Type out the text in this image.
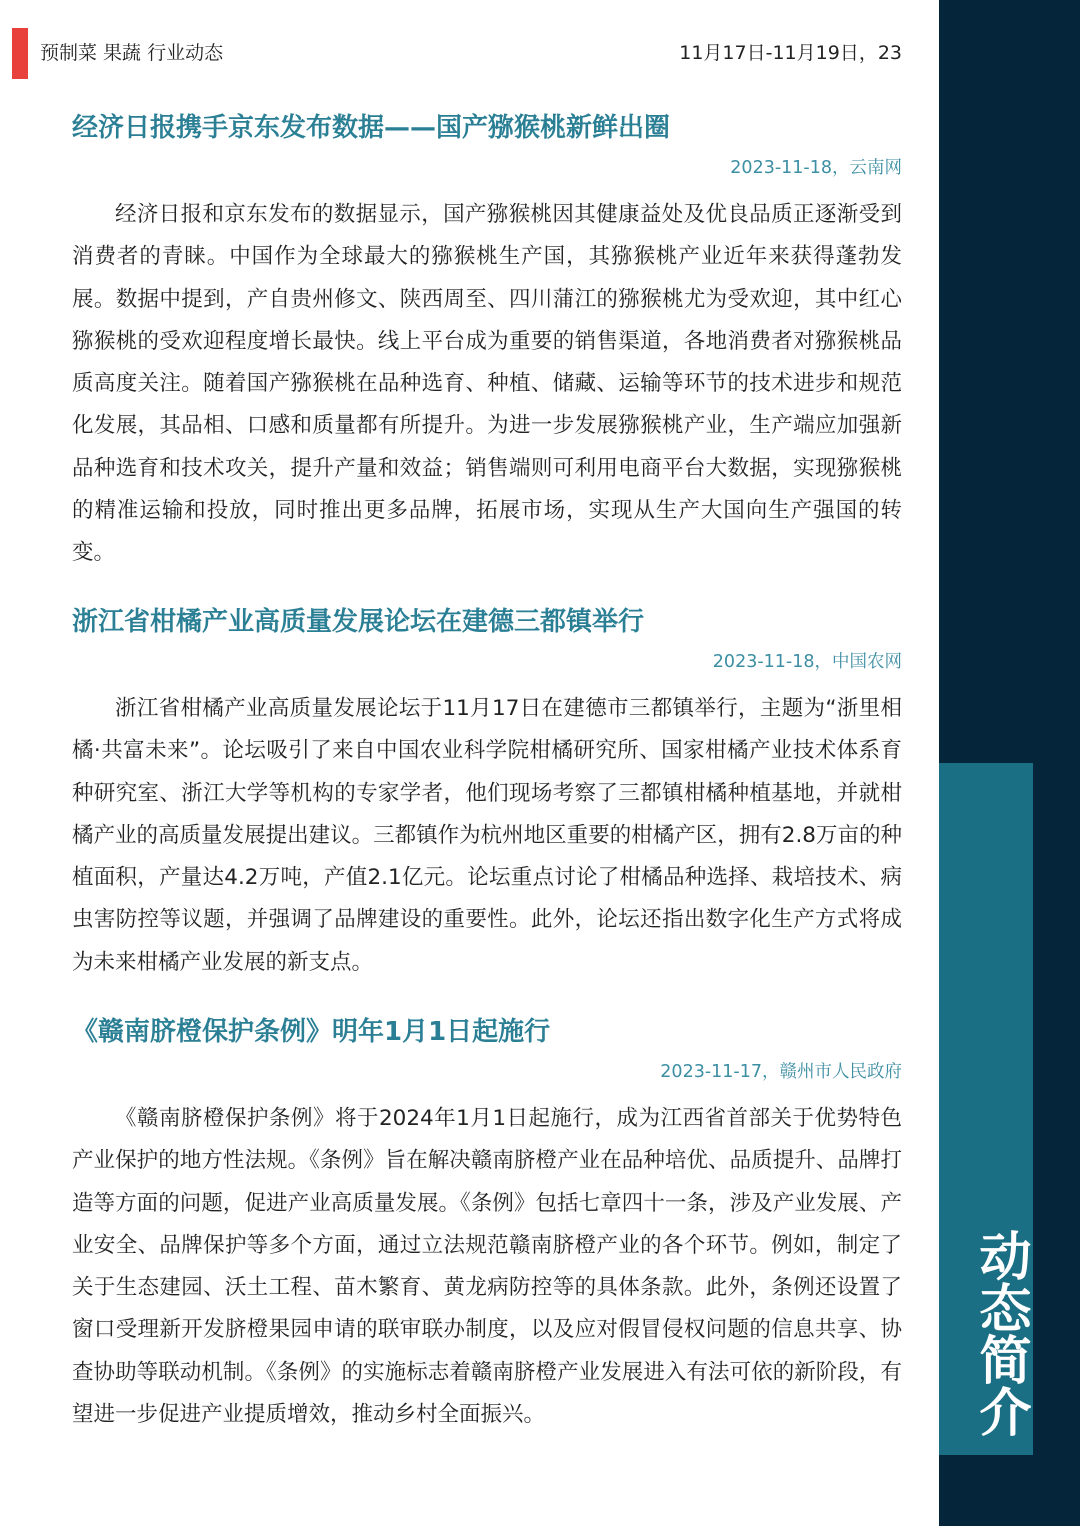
预制菜 果蔬 行业动态	11月17日-11月19日，23
动态简介
经济日报携手京东发布数据——国产猕猴桃新鲜出圈
2023-11-18，云南网
经济日报和京东发布的数据显示，国产猕猴桃因其健康益处及优良品质正逐渐受到消费者的青睐。中国作为全球最大的猕猴桃生产国，其猕猴桃产业近年来获得蓬勃发展。数据中提到，产自贵州修文、陕西周至、四川蒲江的猕猴桃尤为受欢迎，其中红心猕猴桃的受欢迎程度增长最快。线上平台成为重要的销售渠道，各地消费者对猕猴桃品质高度关注。随着国产猕猴桃在品种选育、种植、储藏、运输等环节的技术进步和规范化发展，其品相、口感和质量都有所提升。为进一步发展猕猴桃产业，生产端应加强新品种选育和技术攻关，提升产量和效益；销售端则可利用电商平台大数据，实现猕猴桃的精准运输和投放，同时推出更多品牌，拓展市场，实现从生产大国向生产强国的转变。
浙江省柑橘产业高质量发展论坛在建德三都镇举行
2023-11-18，中国农网
浙江省柑橘产业高质量发展论坛于11月17日在建德市三都镇举行，主题为“浙里相橘·共富未来”。论坛吸引了来自中国农业科学院柑橘研究所、国家柑橘产业技术体系育种研究室、浙江大学等机构的专家学者，他们现场考察了三都镇柑橘种植基地，并就柑橘产业的高质量发展提出建议。三都镇作为杭州地区重要的柑橘产区，拥有2.8万亩的种植面积，产量达4.2万吨，产值2.1亿元。论坛重点讨论了柑橘品种选择、栽培技术、病虫害防控等议题，并强调了品牌建设的重要性。此外，论坛还指出数字化生产方式将成为未来柑橘产业发展的新支点。
《赣南脐橙保护条例》明年1月1日起施行
2023-11-17，赣州市人民政府
《赣南脐橙保护条例》将于2024年1月1日起施行，成为江西省首部关于优势特色产业保护的地方性法规。《条例》旨在解决赣南脐橙产业在品种培优、品质提升、品牌打造等方面的问题，促进产业高质量发展。《条例》包括七章四十一条，涉及产业发展、产业安全、品牌保护等多个方面，通过立法规范赣南脐橙产业的各个环节。例如，制定了关于生态建园、沃土工程、苗木繁育、黄龙病防控等的具体条款。此外，条例还设置了窗口受理新开发脐橙果园申请的联审联办制度，以及应对假冒侵权问题的信息共享、协查协助等联动机制。《条例》的实施标志着赣南脐橙产业发展进入有法可依的新阶段，有望进一步促进产业提质增效，推动乡村全面振兴。
